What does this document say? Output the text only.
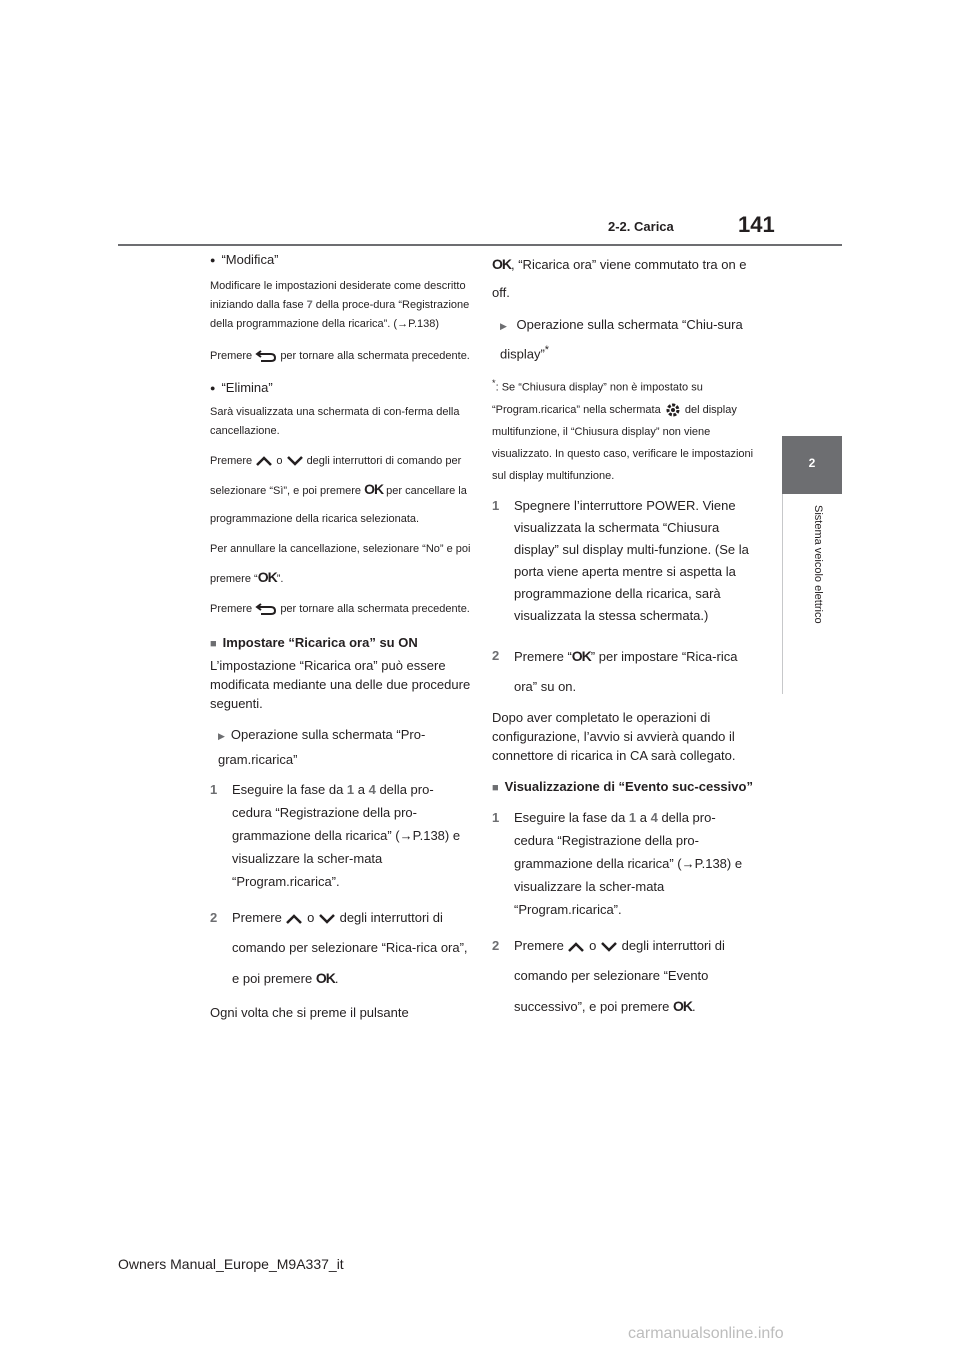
2-2. Carica	141
2
Sistema veicolo elettrico

● “Modifica”

Modificare le impostazioni desiderate come descritto iniziando dalla fase 7 della proce-dura “Registrazione della programmazione della ricarica”. (→P.138)

Premere	per tornare alla schermata precedente.

● “Elimina”

Sarà visualizzata una schermata di con-ferma della cancellazione.

Premere o degli interruttori di comando per selezionare “Sì”, e poi premere OK per cancellare la programmazione della ricarica selezionata.

Per annullare la cancellazione, selezionare “No” e poi premere “OK”.

Premere	per tornare alla schermata precedente.

■ Impostare “Ricarica ora” su ON

L’impostazione “Ricarica ora” può essere modificata mediante una delle due procedure seguenti.

▶ Operazione sulla schermata “Pro-gram.ricarica”

1 Eseguire la fase da 1 a 4 della pro-cedura “Registrazione della pro-grammazione della ricarica” (→P.138) e visualizzare la scher-mata “Program.ricarica”.
2 Premere o degli interruttori di comando per selezionare “Rica-rica ora”, e poi premere OK.

Ogni volta che si preme il pulsante

OK, “Ricarica ora” viene commutato tra on e off.

▶ Operazione sulla schermata “Chiu-sura display”*

*: Se “Chiusura display” non è impostato su “Program.ricarica” nella schermata del display multifunzione, il “Chiusura display” non viene visualizzato. In questo caso, verificare le impostazioni sul display multifunzione.

1 Spegnere l’interruttore POWER. Viene visualizzata la schermata “Chiusura display” sul display multi-funzione. (Se la porta viene aperta mentre si aspetta la programmazione della ricarica, sarà visualizzata la stessa schermata.)
2 Premere “OK” per impostare “Rica-rica ora” su on.

Dopo aver completato le operazioni di configurazione, l’avvio si avvierà quando il connettore di ricarica in CA sarà collegato.

■ Visualizzazione di “Evento suc-cessivo”

1 Eseguire la fase da 1 a 4 della pro-cedura “Registrazione della pro-grammazione della ricarica” (→P.138) e visualizzare la scher-mata “Program.ricarica”.
2 Premere o degli interruttori di comando per selezionare “Evento successivo”, e poi premere OK.
Owners Manual_Europe_M9A337_it
carmanualsonline.info
